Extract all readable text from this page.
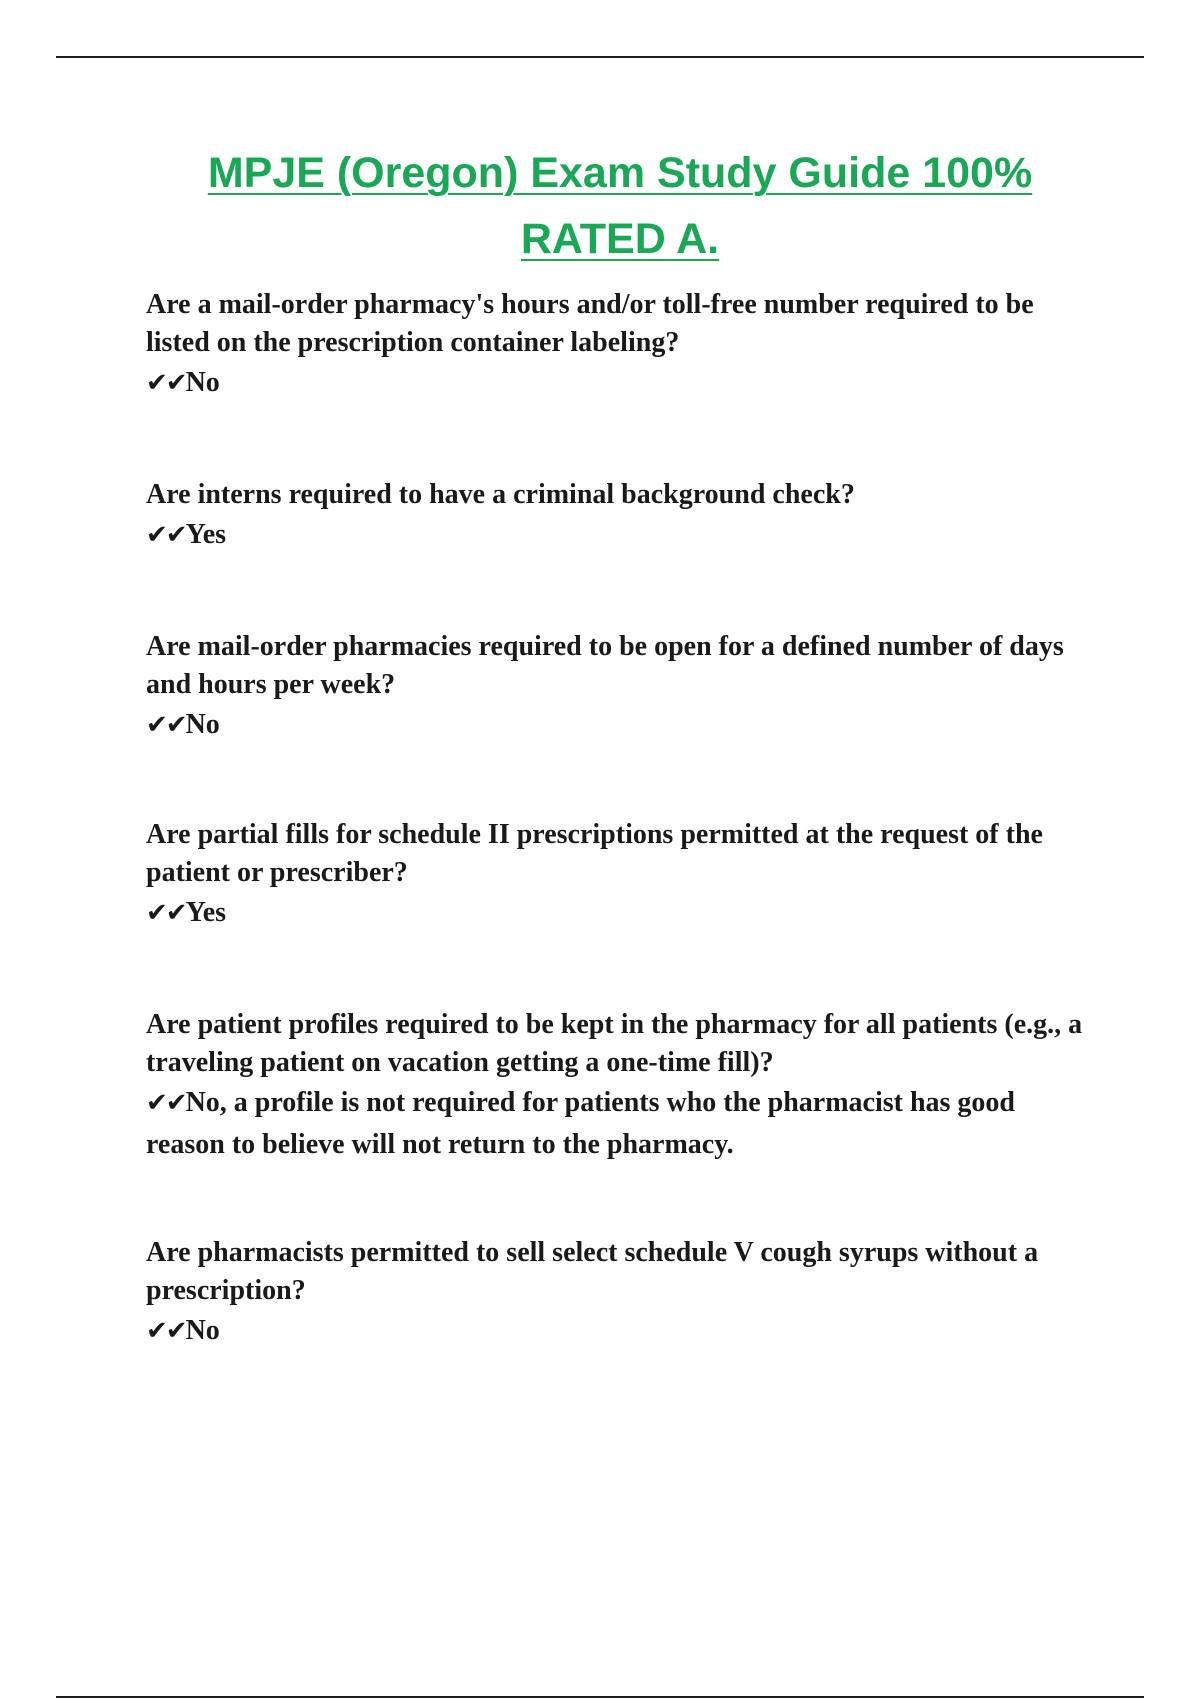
MPJE (Oregon) Exam Study Guide 100% RATED A.

Are a mail-order pharmacy's hours and/or toll-free number required to be listed on the prescription container labeling?

✔✔No

Are interns required to have a criminal background check?

✔✔Yes

Are mail-order pharmacies required to be open for a defined number of days and hours per week?

✔✔No

Are partial fills for schedule II prescriptions permitted at the request of the patient or prescriber?

✔✔Yes

Are patient profiles required to be kept in the pharmacy for all patients (e.g., a traveling patient on vacation getting a one-time fill)?

✔✔No, a profile is not required for patients who the pharmacist has good reason to believe will not return to the pharmacy.

Are pharmacists permitted to sell select schedule V cough syrups without a prescription?

✔✔No
